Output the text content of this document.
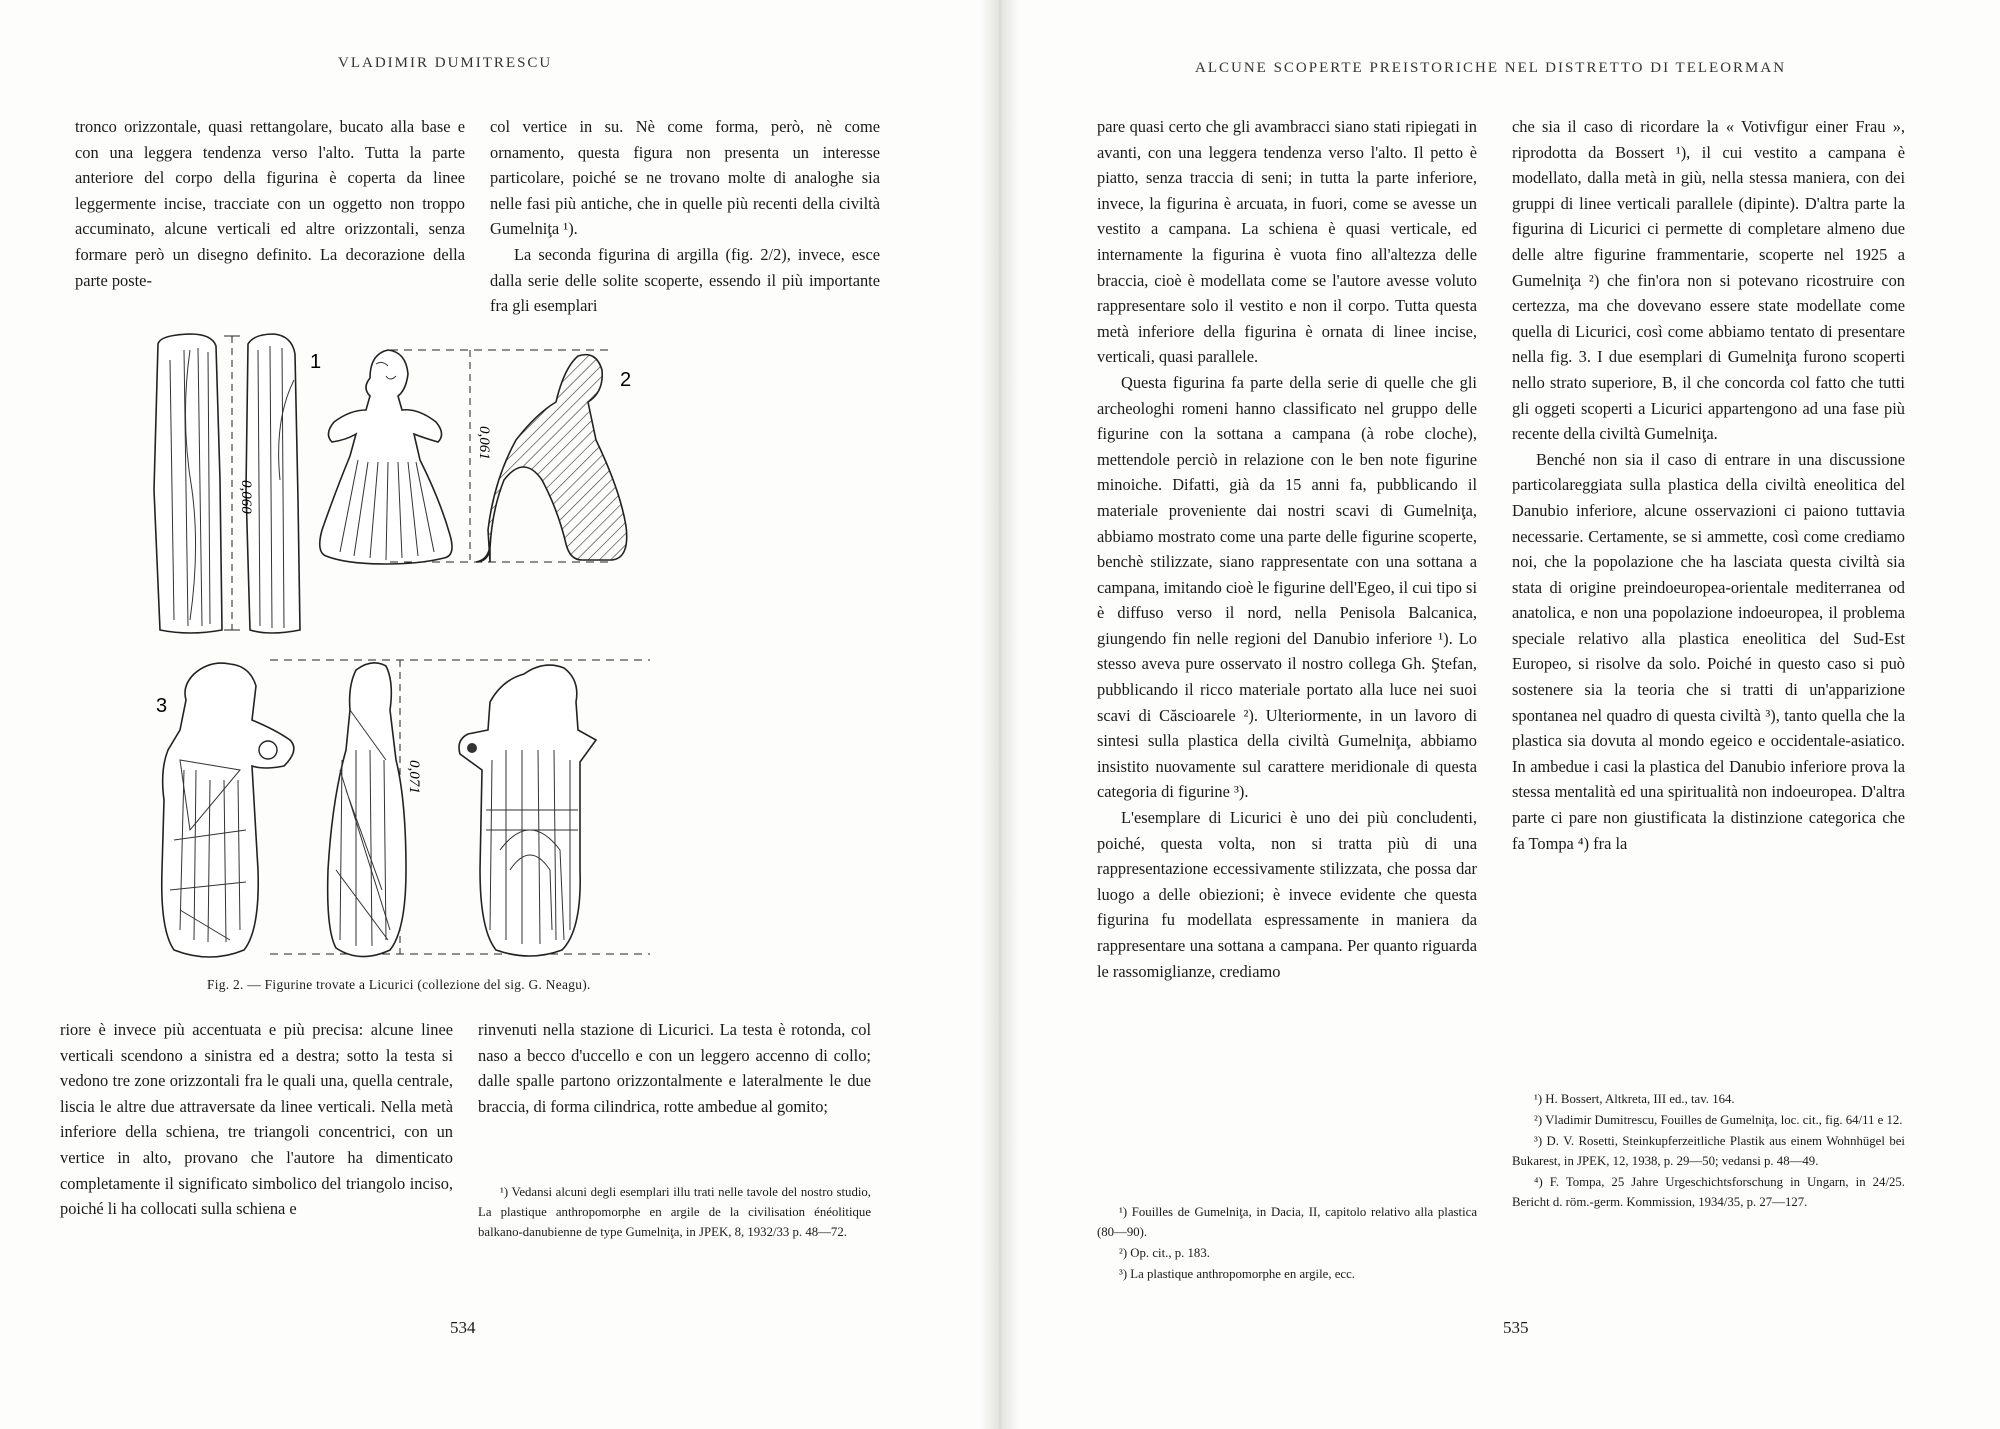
VLADIMIR DUMITRESCU

tronco orizzontale, quasi rettangolare, bucato alla base e con una leggera tendenza verso l'alto. Tutta la parte anteriore del corpo della figurina è coperta da linee leggermente incise, tracciate con un oggetto non troppo accuminato, alcune verticali ed altre orizzontali, senza formare però un disegno definito. La decorazione della parte poste-

col vertice in su. Nè come forma, però, nè come ornamento, questa figura non presenta un interesse particolare, poiché se ne trovano molte di analoghe sia nelle fasi più antiche, che in quelle più recenti della civiltà Gumelniţa ¹).

La seconda figurina di argilla (fig. 2/2), invece, esce dalla serie delle solite scoperte, essendo il più importante fra gli esemplari

0,060
1
0,061
2
0,071
3
Fig. 2. — Figurine trovate a Licurici (collezione del sig. G. Neagu).

riore è invece più accentuata e più precisa: alcune linee verticali scendono a sinistra ed a destra; sotto la testa si vedono tre zone orizzontali fra le quali una, quella centrale, liscia le altre due attraversate da linee verticali. Nella metà inferiore della schiena, tre triangoli concentrici, con un vertice in alto, provano che l'autore ha dimenticato completamente il significato simbolico del triangolo inciso, poiché li ha collocati sulla schiena e

rinvenuti nella stazione di Licurici. La testa è rotonda, col naso a becco d'uccello e con un leggero accenno di collo; dalle spalle partono orizzontalmente e lateralmente le due braccia, di forma cilindrica, rotte ambedue al gomito;

¹) Vedansi alcuni degli esemplari illu trati nelle tavole del nostro studio, La plastique anthropomorphe en argile de la civilisation énéolitique balkano-danubienne de type Gumelniţa, in JPEK, 8, 1932/33 p. 48—72.

534
ALCUNE SCOPERTE PREISTORICHE NEL DISTRETTO DI TELEORMAN

pare quasi certo che gli avambracci siano stati ripiegati in avanti, con una leggera tendenza verso l'alto. Il petto è piatto, senza traccia di seni; in tutta la parte inferiore, invece, la figurina è arcuata, in fuori, come se avesse un vestito a campana. La schiena è quasi verticale, ed internamente la figurina è vuota fino all'altezza delle braccia, cioè è modellata come se l'autore avesse voluto rappresentare solo il vestito e non il corpo. Tutta questa metà inferiore della figurina è ornata di linee incise, verticali, quasi parallele.

Questa figurina fa parte della serie di quelle che gli archeologhi romeni hanno classificato nel gruppo delle figurine con la sottana a campana (à robe cloche), mettendole perciò in relazione con le ben note figurine minoiche. Difatti, già da 15 anni fa, pubblicando il materiale proveniente dai nostri scavi di Gumelniţa, abbiamo mostrato come una parte delle figurine scoperte, benchè stilizzate, siano rappresentate con una sottana a campana, imitando cioè le figurine dell'Egeo, il cui tipo si è diffuso verso il nord, nella Penisola Balcanica, giungendo fin nelle regioni del Danubio inferiore ¹). Lo stesso aveva pure osservato il nostro collega Gh. Ştefan, pubblicando il ricco materiale portato alla luce nei suoi scavi di Căscioarele ²). Ulteriormente, in un lavoro di sintesi sulla plastica della civiltà Gumelniţa, abbiamo insistito nuovamente sul carattere meridionale di questa categoria di figurine ³).

L'esemplare di Licurici è uno dei più concludenti, poiché, questa volta, non si tratta più di una rappresentazione eccessivamente stilizzata, che possa dar luogo a delle obiezioni; è invece evidente che questa figurina fu modellata espressamente in maniera da rappresentare una sottana a campana. Per quanto riguarda le rassomiglianze, crediamo

¹) Fouilles de Gumelniţa, in Dacia, II, capitolo relativo alla plastica (80—90).

²) Op. cit., p. 183.

³) La plastique anthropomorphe en argile, ecc.

che sia il caso di ricordare la « Votivfigur einer Frau », riprodotta da Bossert ¹), il cui vestito a campana è modellato, dalla metà in giù, nella stessa maniera, con dei gruppi di linee verticali parallele (dipinte). D'altra parte la figurina di Licurici ci permette di completare almeno due delle altre figurine frammentarie, scoperte nel 1925 a Gumelniţa ²) che fin'ora non si potevano ricostruire con certezza, ma che dovevano essere state modellate come quella di Licurici, così come abbiamo tentato di presentare nella fig. 3. I due esemplari di Gumelniţa furono scoperti nello strato superiore, B, il che concorda col fatto che tutti gli oggeti scoperti a Licurici appartengono ad una fase più recente della civiltà Gumelniţa.

Benché non sia il caso di entrare in una discussione particolareggiata sulla plastica della civiltà eneolitica del Danubio inferiore, alcune osservazioni ci paiono tuttavia necessarie. Certamente, se si ammette, così come crediamo noi, che la popolazione che ha lasciata questa civiltà sia stata di origine preindoeuropea-orientale mediterranea od anatolica, e non una popolazione indoeuropea, il problema speciale relativo alla plastica eneolitica del Sud-Est Europeo, si risolve da solo. Poiché in questo caso si può sostenere sia la teoria che si tratti di un'apparizione spontanea nel quadro di questa civiltà ³), tanto quella che la plastica sia dovuta al mondo egeico e occidentale-asiatico. In ambedue i casi la plastica del Danubio inferiore prova la stessa mentalità ed una spiritualità non indoeuropea. D'altra parte ci pare non giustificata la distinzione categorica che fa Tompa ⁴) fra la

¹) H. Bossert, Altkreta, III ed., tav. 164.

²) Vladimir Dumitrescu, Fouilles de Gumelniţa, loc. cit., fig. 64/11 e 12.

³) D. V. Rosetti, Steinkupferzeitliche Plastik aus einem Wohnhügel bei Bukarest, in JPEK, 12, 1938, p. 29—50; vedansi p. 48—49.

⁴) F. Tompa, 25 Jahre Urgeschichtsforschung in Ungarn, in 24/25. Bericht d. röm.-germ. Kommission, 1934/35, p. 27—127.

535
